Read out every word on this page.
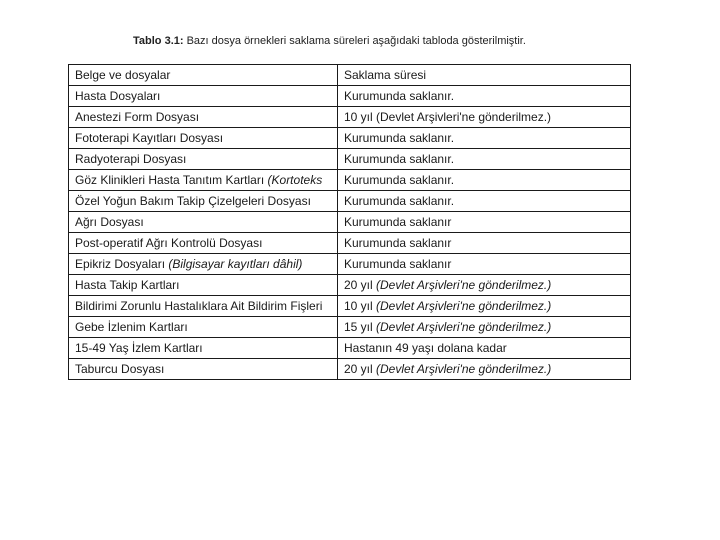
Tablo 3.1: Bazı dosya örnekleri saklama süreleri aşağıdaki tabloda gösterilmiştir.
Belge ve dosyalar	Saklama süresi
Hasta Dosyaları	Kurumunda saklanır.
Anestezi Form Dosyası	10 yıl (Devlet Arşivleri'ne gönderilmez.)
Fototerapi Kayıtları Dosyası	Kurumunda saklanır.
Radyoterapi Dosyası	Kurumunda saklanır.
Göz Klinikleri Hasta Tanıtım Kartları (Kortoteks	Kurumunda saklanır.
Özel Yoğun Bakım Takip Çizelgeleri Dosyası	Kurumunda saklanır.
Ağrı Dosyası	Kurumunda saklanır
Post-operatif Ağrı Kontrolü Dosyası	Kurumunda saklanır
Epikriz Dosyaları (Bilgisayar kayıtları dâhil)	Kurumunda saklanır
Hasta Takip Kartları	20 yıl (Devlet Arşivleri'ne gönderilmez.)
Bildirimi Zorunlu Hastalıklara Ait Bildirim Fişleri	10 yıl (Devlet Arşivleri'ne gönderilmez.)
Gebe İzlenim Kartları	15 yıl (Devlet Arşivleri'ne gönderilmez.)
15-49 Yaş İzlem Kartları	Hastanın 49 yaşı dolana kadar
Taburcu Dosyası	20 yıl (Devlet Arşivleri'ne gönderilmez.)
